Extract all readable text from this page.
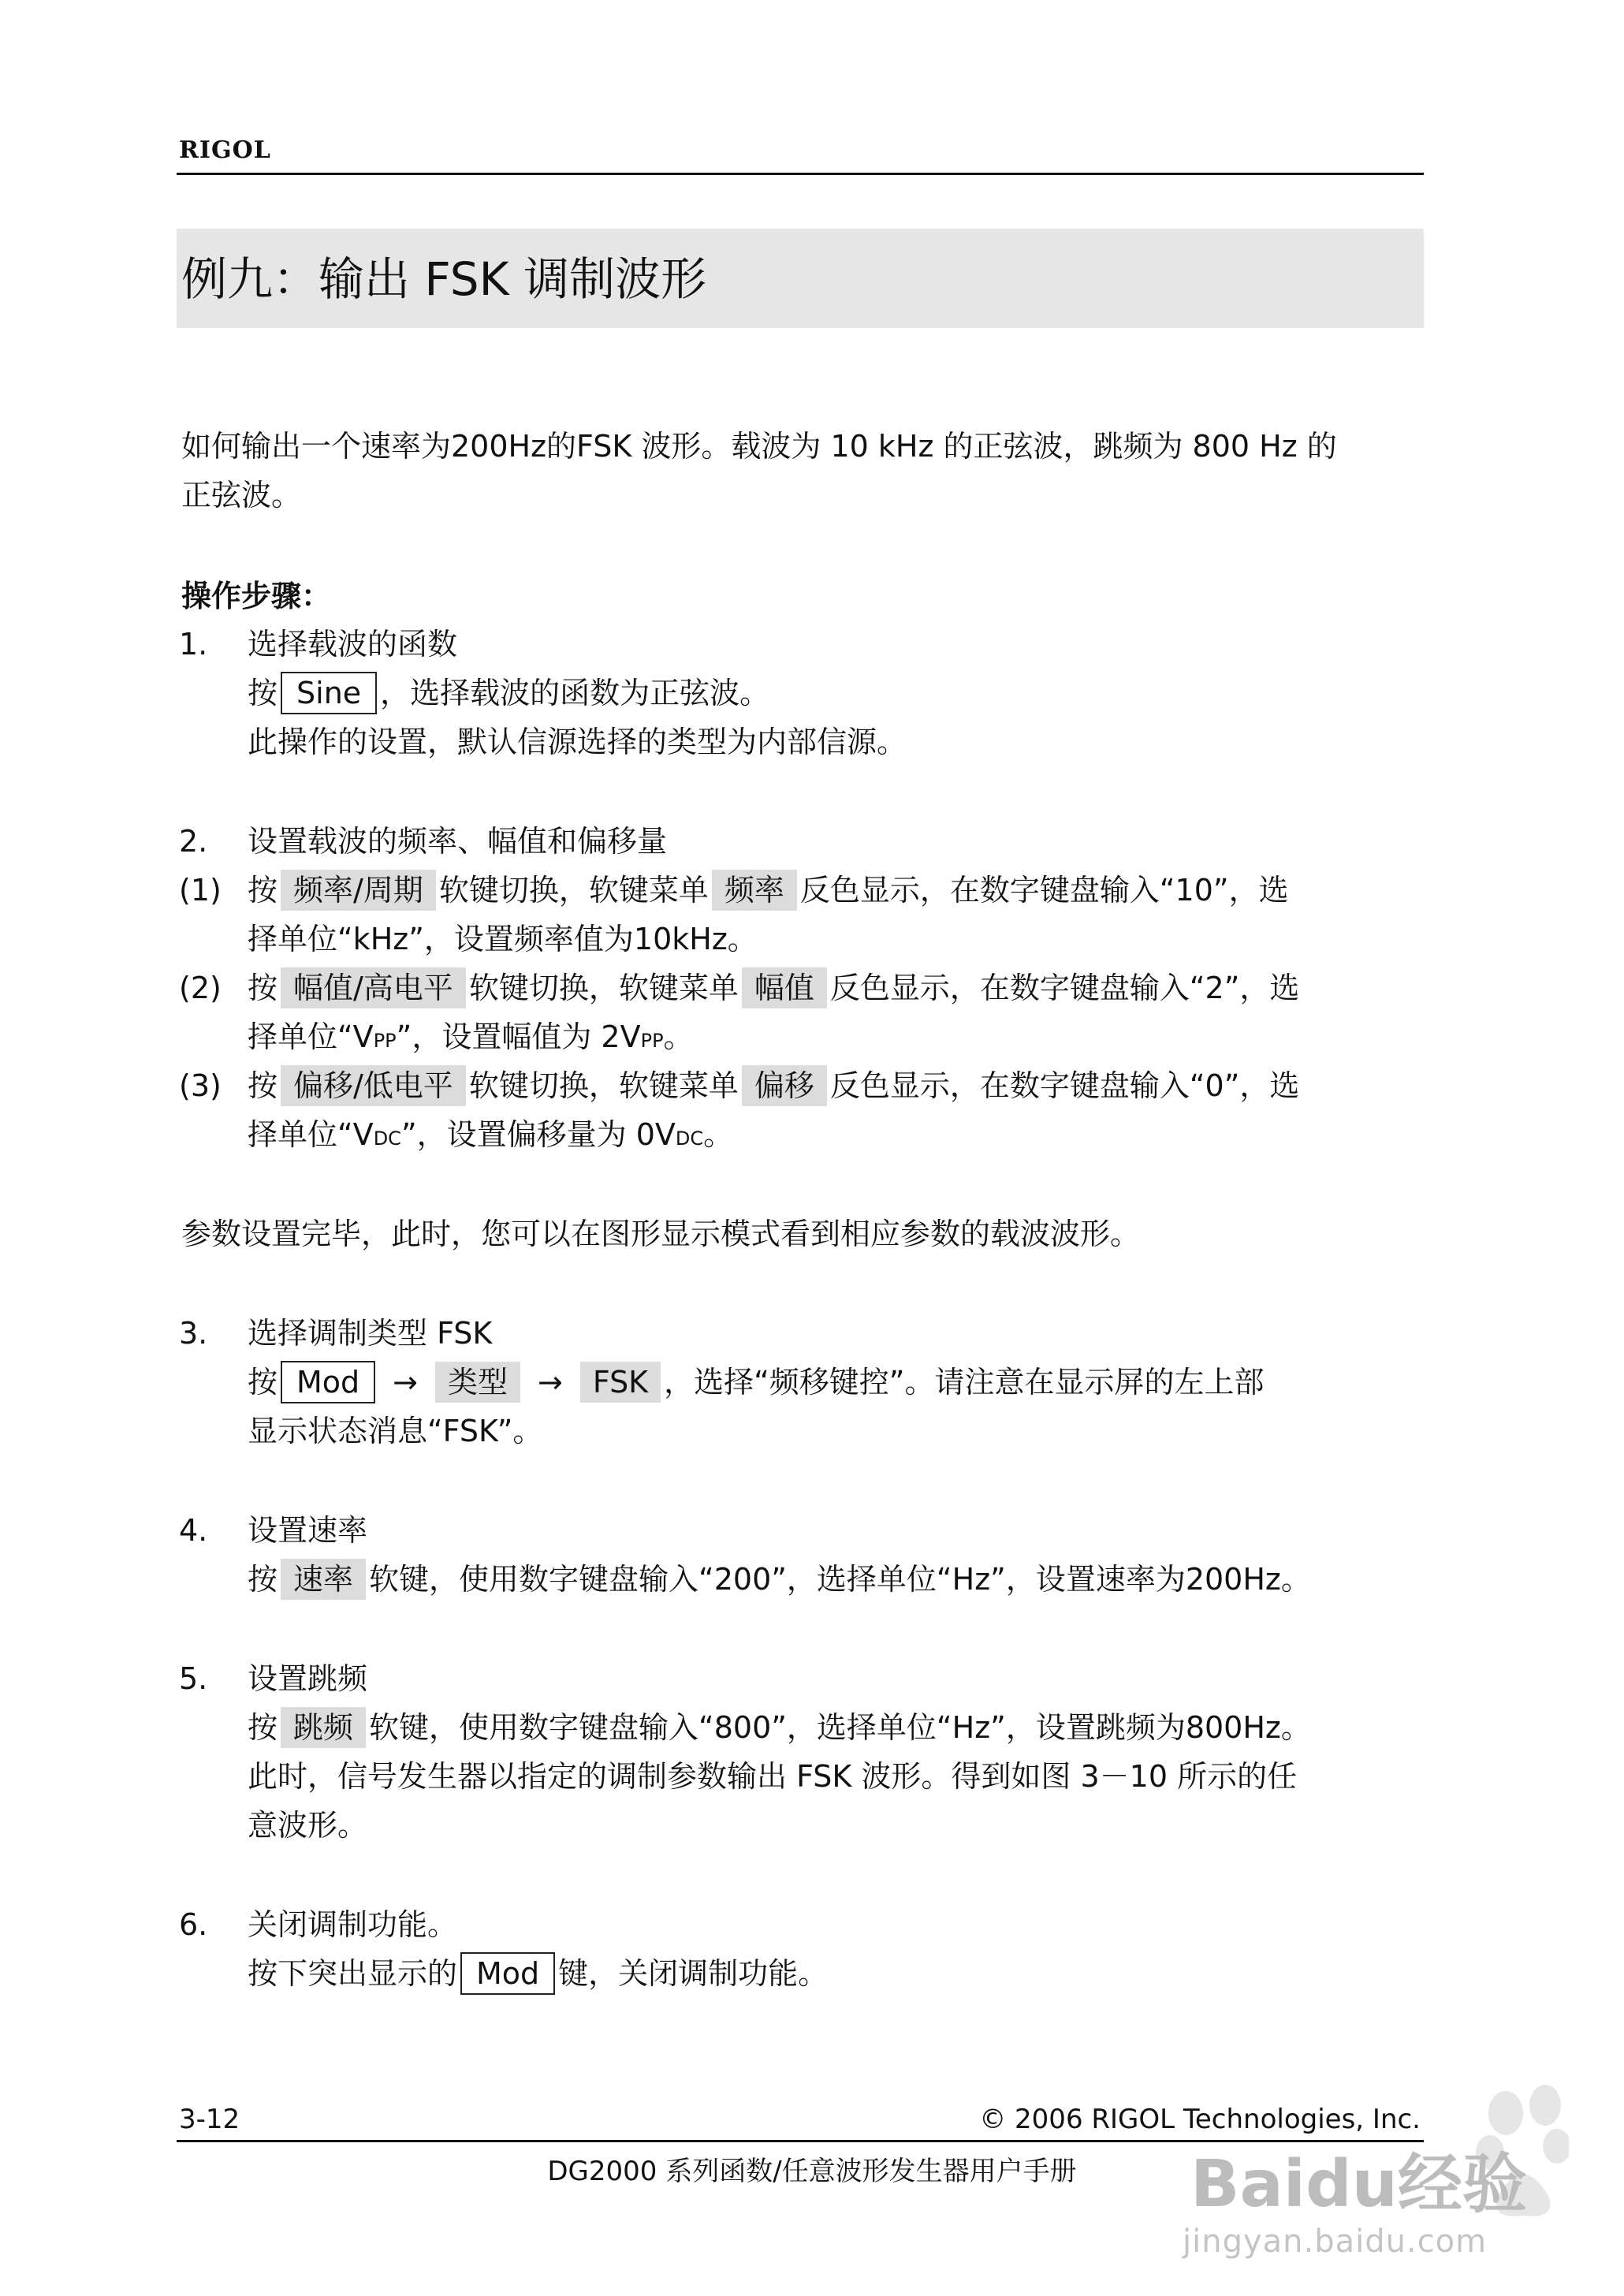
RIGOL
例九：输出 FSK 调制波形
如何输出一个速率为200Hz的FSK 波形。载波为 10 kHz 的正弦波，跳频为 800 Hz 的
正弦波。
操作步骤：
1. 选择载波的函数
按 Sine ，选择载波的函数为正弦波。
此操作的设置，默认信源选择的类型为内部信源。
2. 设置载波的频率、幅值和偏移量
(1) 按 频率/周期 软键切换，软键菜单 频率 反色显示，在数字键盘输入“10”，选
择单位“kHz”，设置频率值为10kHz。
(2) 按 幅值/高电平 软键切换，软键菜单 幅值 反色显示，在数字键盘输入“2”，选
择单位“VPP”，设置幅值为 2VPP。
(3) 按 偏移/低电平 软键切换，软键菜单 偏移 反色显示，在数字键盘输入“0”，选
择单位“VDC”，设置偏移量为 0VDC。
参数设置完毕，此时，您可以在图形显示模式看到相应参数的载波波形。
3. 选择调制类型 FSK
按 Mod → 类型 → FSK ，选择“频移键控”。请注意在显示屏的左上部
显示状态消息“FSK”。
4. 设置速率
按 速率 软键，使用数字键盘输入“200”，选择单位“Hz”，设置速率为200Hz。
5. 设置跳频
按 跳频 软键，使用数字键盘输入“800”，选择单位“Hz”，设置跳频为800Hz。
此时，信号发生器以指定的调制参数输出 FSK 波形。得到如图 3－10 所示的任
意波形。
6. 关闭调制功能。
按下突出显示的 Mod 键，关闭调制功能。
3-12	© 2006 RIGOL Technologies, Inc.
DG2000 系列函数/任意波形发生器用户手册	Baidu经验
jingyan.baidu.com
